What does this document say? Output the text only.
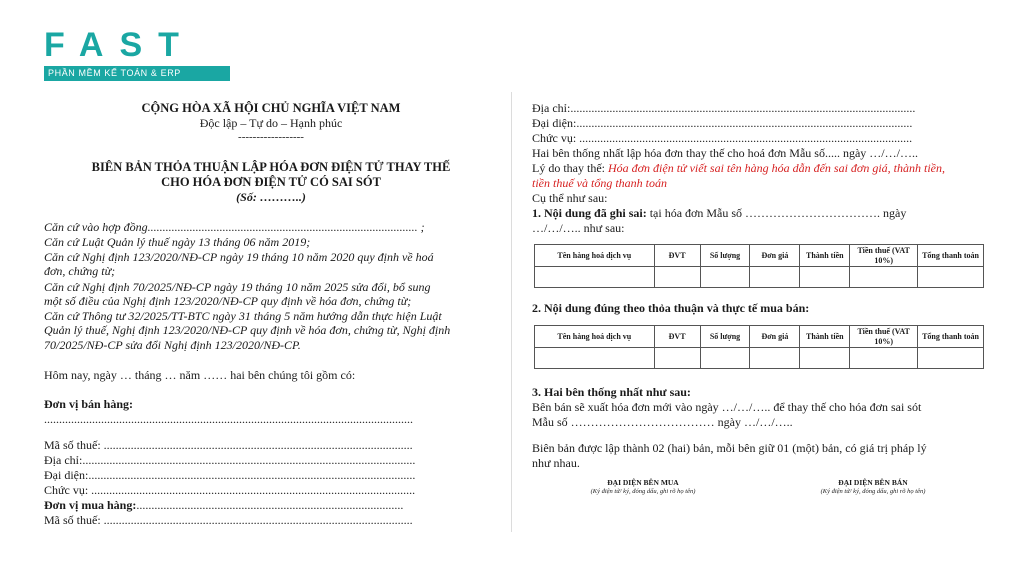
FAST
PHẦN MỀM KẾ TOÁN & ERP
CỘNG HÒA XÃ HỘI CHỦ NGHĨA VIỆT NAM
Độc lập – Tự do – Hạnh phúc
------------------
BIÊN BẢN THỎA THUẬN LẬP HÓA ĐƠN ĐIỆN TỬ THAY THẾ
CHO HÓA ĐƠN ĐIỆN TỬ CÓ SAI SÓT
(Số: ………..)
Căn cứ vào hợp đồng.......................................................................................... ;
Căn cứ Luật Quản lý thuế ngày 13 tháng 06 năm 2019;
Căn cứ Nghị định 123/2020/NĐ-CP ngày 19 tháng 10 năm 2020 quy định về hoá
đơn, chứng từ;
Căn cứ Nghị định 70/2025/NĐ-CP ngày 19 tháng 10 năm 2025 sửa đổi, bổ sung
một số điều của Nghị định 123/2020/NĐ-CP quy định về hóa đơn, chứng từ;
Căn cứ Thông tư 32/2025/TT-BTC ngày 31 tháng 5 năm hướng dẫn thực hiện Luật
Quản lý thuế, Nghị định 123/2020/NĐ-CP quy định về hóa đơn, chứng từ, Nghị định
70/2025/NĐ-CP sửa đổi Nghị định 123/2020/NĐ-CP.
Hôm nay, ngày … tháng … năm …… hai bên chúng tôi gồm có:
Đơn vị bán hàng:
...........................................................................................................................
Mã số thuế: .......................................................................................................
Địa chỉ:...............................................................................................................
Đại diện:.............................................................................................................
Chức vụ: ............................................................................................................
Đơn vị mua hàng:.........................................................................................
Mã số thuế: .......................................................................................................
Địa chỉ:...................................................................................................................
Đại diện:................................................................................................................
Chức vụ: ...............................................................................................................
Hai bên thống nhất lập hóa đơn thay thế cho hoá đơn Mẫu số..... ngày …/…/…..
Lý do thay thế: Hóa đơn điện tử viết sai tên hàng hóa dẫn đến sai đơn giá, thành tiền,
tiền thuế và tổng thanh toán
Cụ thể như sau:
1. Nội dung đã ghi sai: tại hóa đơn Mẫu số ……………………………. ngày
…/…/….. như sau:
Tên hàng hoá dịch vụ	ĐVT	Số lượng	Đơn giá	Thành tiền	Tiền thuế (VAT 10%)	Tổng thanh toán

2. Nội dung đúng theo thỏa thuận và thực tế mua bán:
Tên hàng hoá dịch vụ	ĐVT	Số lượng	Đơn giá	Thành tiền	Tiền thuế (VAT 10%)	Tổng thanh toán

3. Hai bên thống nhất như sau:
Bên bán sẽ xuất hóa đơn mới vào ngày …/…/….. để thay thế cho hóa đơn sai sót
Mẫu số ……………………………… ngày …/…/…..
Biên bản được lập thành 02 (hai) bản, mỗi bên giữ 01 (một) bản, có giá trị pháp lý
như nhau.
ĐẠI DIỆN BÊN MUA
(Ký điện tử/ ký, đóng dấu, ghi rõ họ tên)
ĐẠI DIỆN BÊN BÁN
(Ký điện tử/ ký, đóng dấu, ghi rõ họ tên)
